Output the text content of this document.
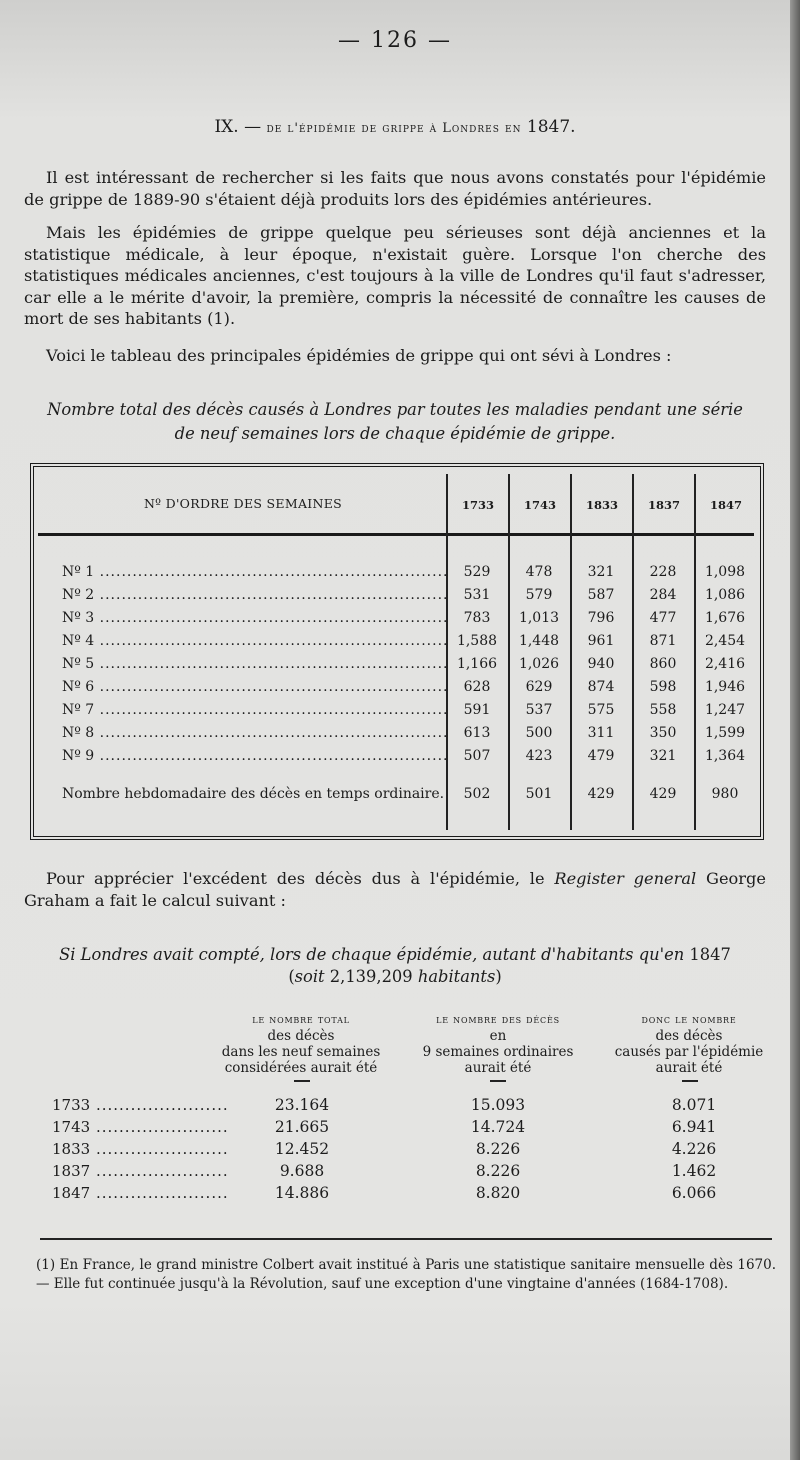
— 126 —
IX. — de l'épidémie de grippe à Londres en 1847.

Il est intéressant de rechercher si les faits que nous avons constatés pour l'épidémie de grippe de 1889-90 s'étaient déjà produits lors des épidémies antérieures.

Mais les épidémies de grippe quelque peu sérieuses sont déjà anciennes et la statistique médicale, à leur époque, n'existait guère. Lorsque l'on cherche des statistiques médicales anciennes, c'est toujours à la ville de Londres qu'il faut s'adresser, car elle a le mérite d'avoir, la première, compris la nécessité de connaître les causes de mort de ses habitants (1).

Voici le tableau des principales épidémies de grippe qui ont sévi à Londres :

Nombre total des décès causés à Londres par toutes les maladies pendant une série
de neuf semaines lors de chaque épidémie de grippe.
Nº D'ORDRE DES SEMAINES	1733	1743	1833	1837	1847
Nº 1 .....	529	478	321	228	1,098
Nº 2 .....	531	579	587	284	1,086
Nº 3 .....	783	1,013	796	477	1,676
Nº 4 .....	1,588	1,448	961	871	2,454
Nº 5 .....	1,166	1,026	940	860	2,416
Nº 6 .....	628	629	874	598	1,946
Nº 7 .....	591	537	575	558	1,247
Nº 8 .....	613	500	311	350	1,599
Nº 9 .....	507	423	479	321	1,364
Nombre hebdomadaire des décès en temps ordinaire.	502	501	429	429	980
Pour apprécier l'excédent des décès dus à l'épidémie, le Register general George Graham a fait le calcul suivant :
Si Londres avait compté, lors de chaque épidémie, autant d'habitants qu'en 1847
(soit 2,139,209 habitants)
le nombre total
des décès
dans les neuf semaines
considérées aurait été
le nombre des décès
en
9 semaines ordinaires
aurait été
donc le nombre
des décès
causés par l'épidémie
aurait été
1733 .....	23.164	15.093	8.071
1743 .....	21.665	14.724	6.941
1833 .....	12.452	8.226	4.226
1837 .....	9.688	8.226	1.462
1847 .....	14.886	8.820	6.066

(1) En France, le grand ministre Colbert avait institué à Paris une statistique sanitaire mensuelle dès 1670. — Elle fut continuée jusqu'à la Révolution, sauf une exception d'une vingtaine d'années (1684-1708).
